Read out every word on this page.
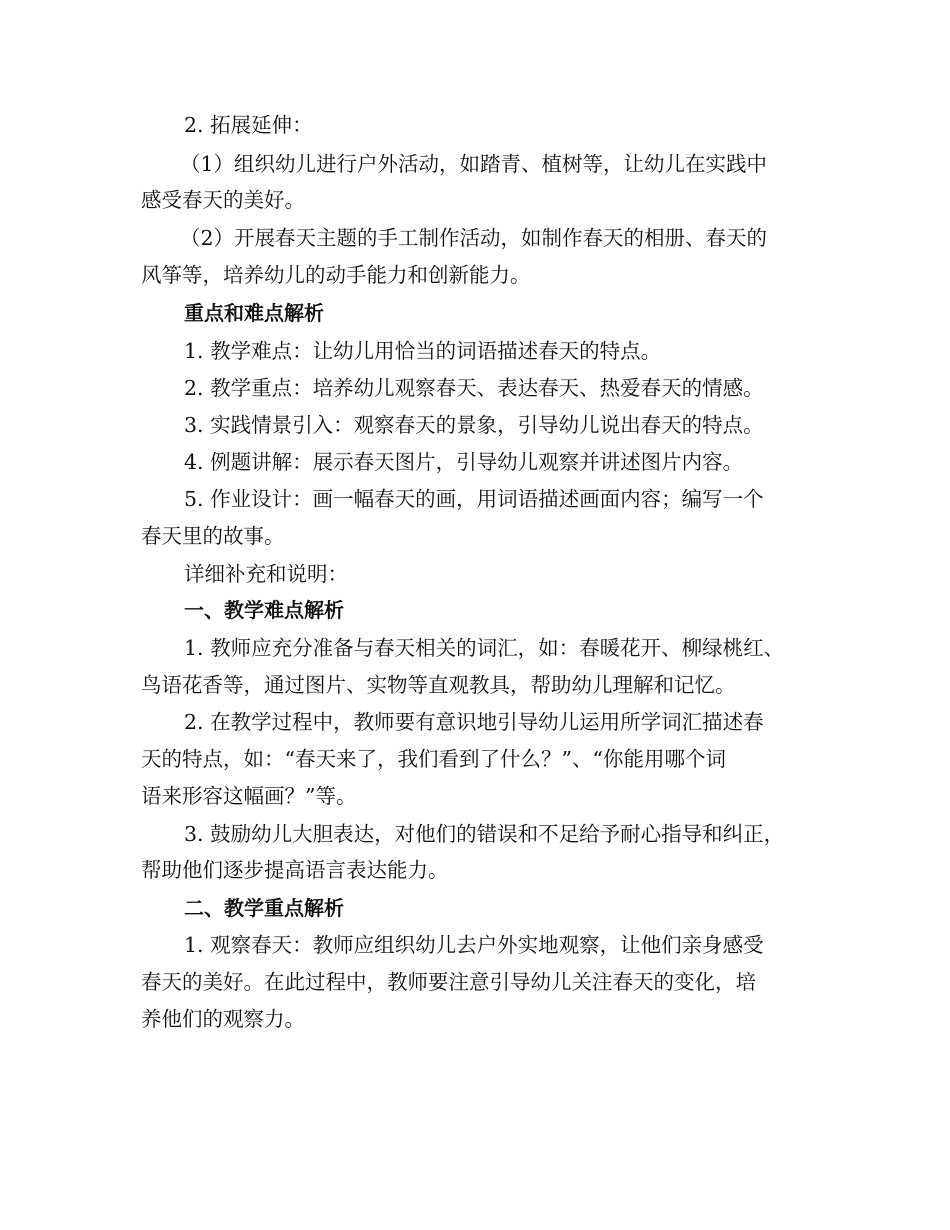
2. 拓展延伸：
（1）组织幼儿进行户外活动，如踏青、植树等，让幼儿在实践中
感受春天的美好。
（2）开展春天主题的手工制作活动，如制作春天的相册、春天的
风筝等，培养幼儿的动手能力和创新能力。
重点和难点解析
1. 教学难点：让幼儿用恰当的词语描述春天的特点。
2. 教学重点：培养幼儿观察春天、表达春天、热爱春天的情感。
3. 实践情景引入：观察春天的景象，引导幼儿说出春天的特点。
4. 例题讲解：展示春天图片，引导幼儿观察并讲述图片内容。
5. 作业设计：画一幅春天的画，用词语描述画面内容；编写一个
春天里的故事。
详细补充和说明：
一、教学难点解析
1. 教师应充分准备与春天相关的词汇，如：春暖花开、柳绿桃红、
鸟语花香等，通过图片、实物等直观教具，帮助幼儿理解和记忆。
2. 在教学过程中，教师要有意识地引导幼儿运用所学词汇描述春
天的特点，如：“春天来了，我们看到了什么？”、“你能用哪个词
语来形容这幅画？”等。
3. 鼓励幼儿大胆表达，对他们的错误和不足给予耐心指导和纠正，
帮助他们逐步提高语言表达能力。
二、教学重点解析
1. 观察春天：教师应组织幼儿去户外实地观察，让他们亲身感受
春天的美好。在此过程中，教师要注意引导幼儿关注春天的变化，培
养他们的观察力。
